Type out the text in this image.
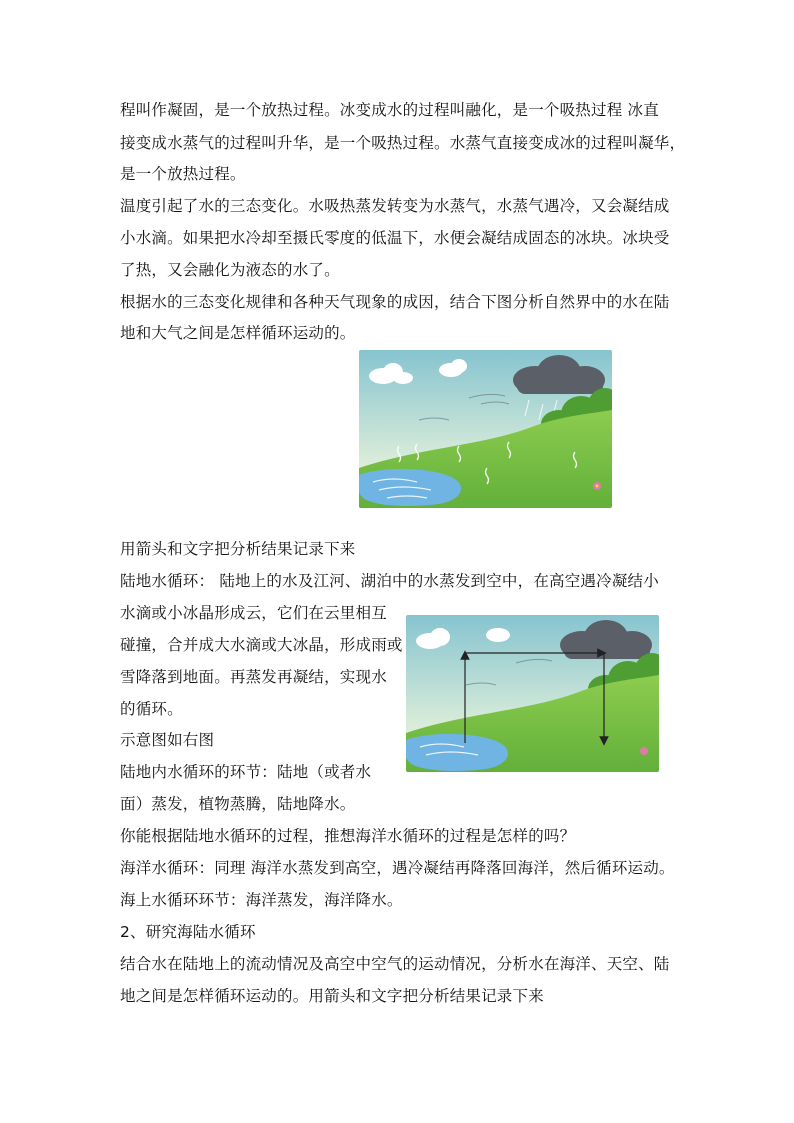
程叫作凝固，是一个放热过程。冰变成水的过程叫融化，是一个吸热过程 冰直
接变成水蒸气的过程叫升华，是一个吸热过程。水蒸气直接变成冰的过程叫凝华，
是一个放热过程。
温度引起了水的三态变化。水吸热蒸发转变为水蒸气，水蒸气遇冷，又会凝结成
小水滴。如果把水冷却至摄氏零度的低温下，水便会凝结成固态的冰块。冰块受
了热，又会融化为液态的水了。
根据水的三态变化规律和各种天气现象的成因，结合下图分析自然界中的水在陆
地和大气之间是怎样循环运动的。
用箭头和文字把分析结果记录下来
陆地水循环： 陆地上的水及江河、湖泊中的水蒸发到空中，在高空遇冷凝结小
水滴或小冰晶形成云，它们在云里相互
碰撞，合并成大水滴或大冰晶，形成雨或
雪降落到地面。再蒸发再凝结，实现水
的循环。
示意图如右图
陆地内水循环的环节：陆地（或者水
面）蒸发，植物蒸腾，陆地降水。
你能根据陆地水循环的过程，推想海洋水循环的过程是怎样的吗？
海洋水循环：同理 海洋水蒸发到高空，遇冷凝结再降落回海洋，然后循环运动。
海上水循环环节：海洋蒸发，海洋降水。
2、研究海陆水循环
结合水在陆地上的流动情况及高空中空气的运动情况，分析水在海洋、天空、陆
地之间是怎样循环运动的。用箭头和文字把分析结果记录下来
